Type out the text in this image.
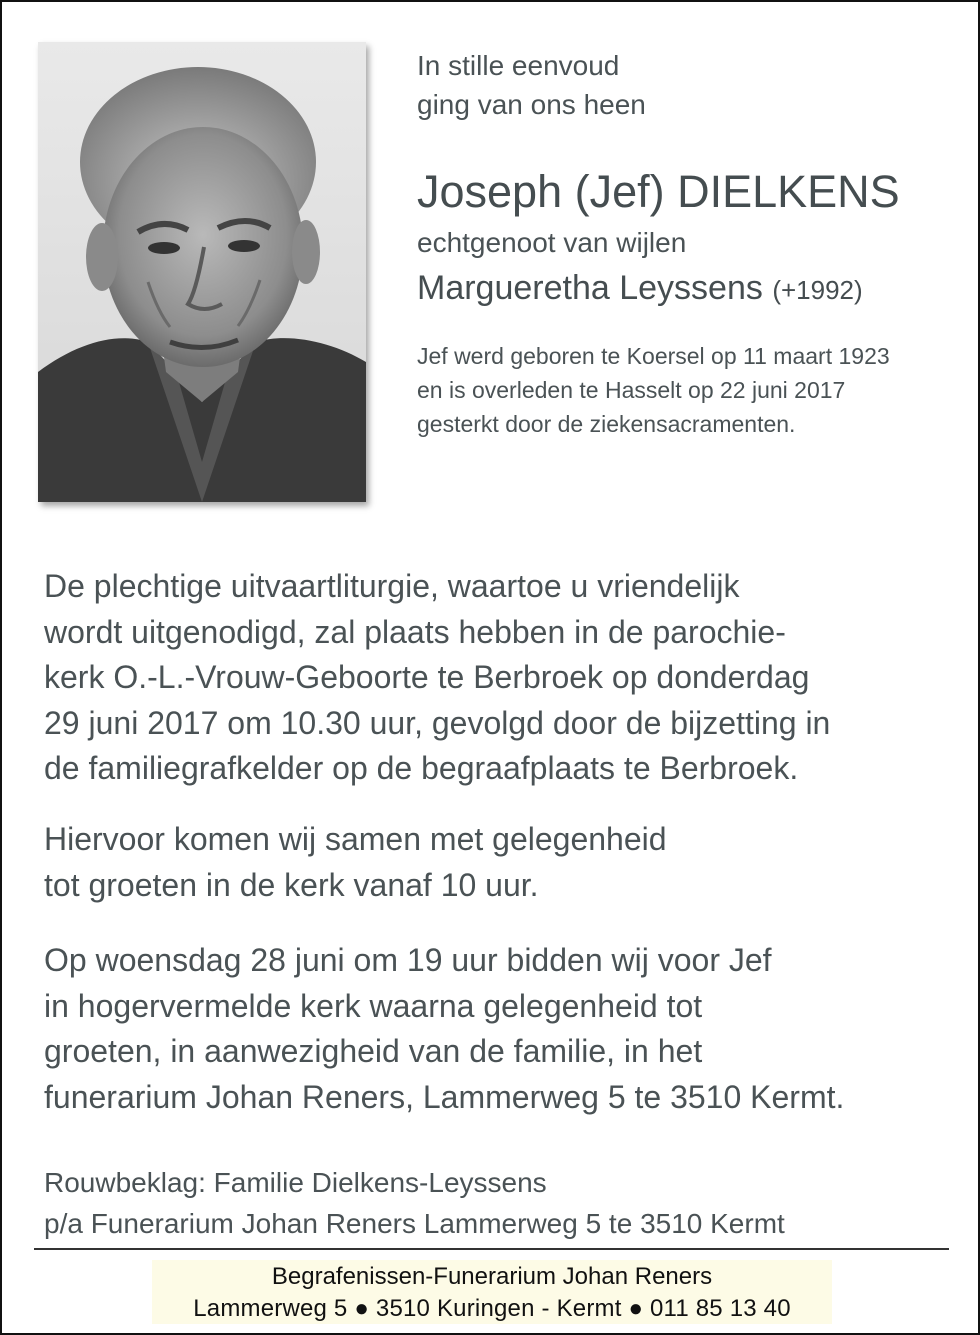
In stille eenvoud
ging van ons heen
Joseph (Jef) DIELKENS
echtgenoot van wijlen
Margueretha Leyssens (+1992)
Jef werd geboren te Koersel op 11 maart 1923
en is overleden te Hasselt op 22 juni 2017
gesterkt door de ziekensacramenten.
De plechtige uitvaartliturgie, waartoe u vriendelijk
wordt uitgenodigd, zal plaats hebben in de parochie-
kerk O.-L.-Vrouw-Geboorte te Berbroek op donderdag
29 juni 2017 om 10.30 uur, gevolgd door de bijzetting in
de familiegrafkelder op de begraafplaats te Berbroek.
Hiervoor komen wij samen met gelegenheid
tot groeten in de kerk vanaf 10 uur.
Op woensdag 28 juni om 19 uur bidden wij voor Jef
in hogervermelde kerk waarna gelegenheid tot
groeten, in aanwezigheid van de familie, in het
funerarium Johan Reners, Lammerweg 5 te 3510 Kermt.
Rouwbeklag: Familie Dielkens-Leyssens
p/a Funerarium Johan Reners Lammerweg 5 te 3510 Kermt
Begrafenissen-Funerarium Johan Reners
Lammerweg 5 ● 3510 Kuringen - Kermt ● 011 85 13 40
